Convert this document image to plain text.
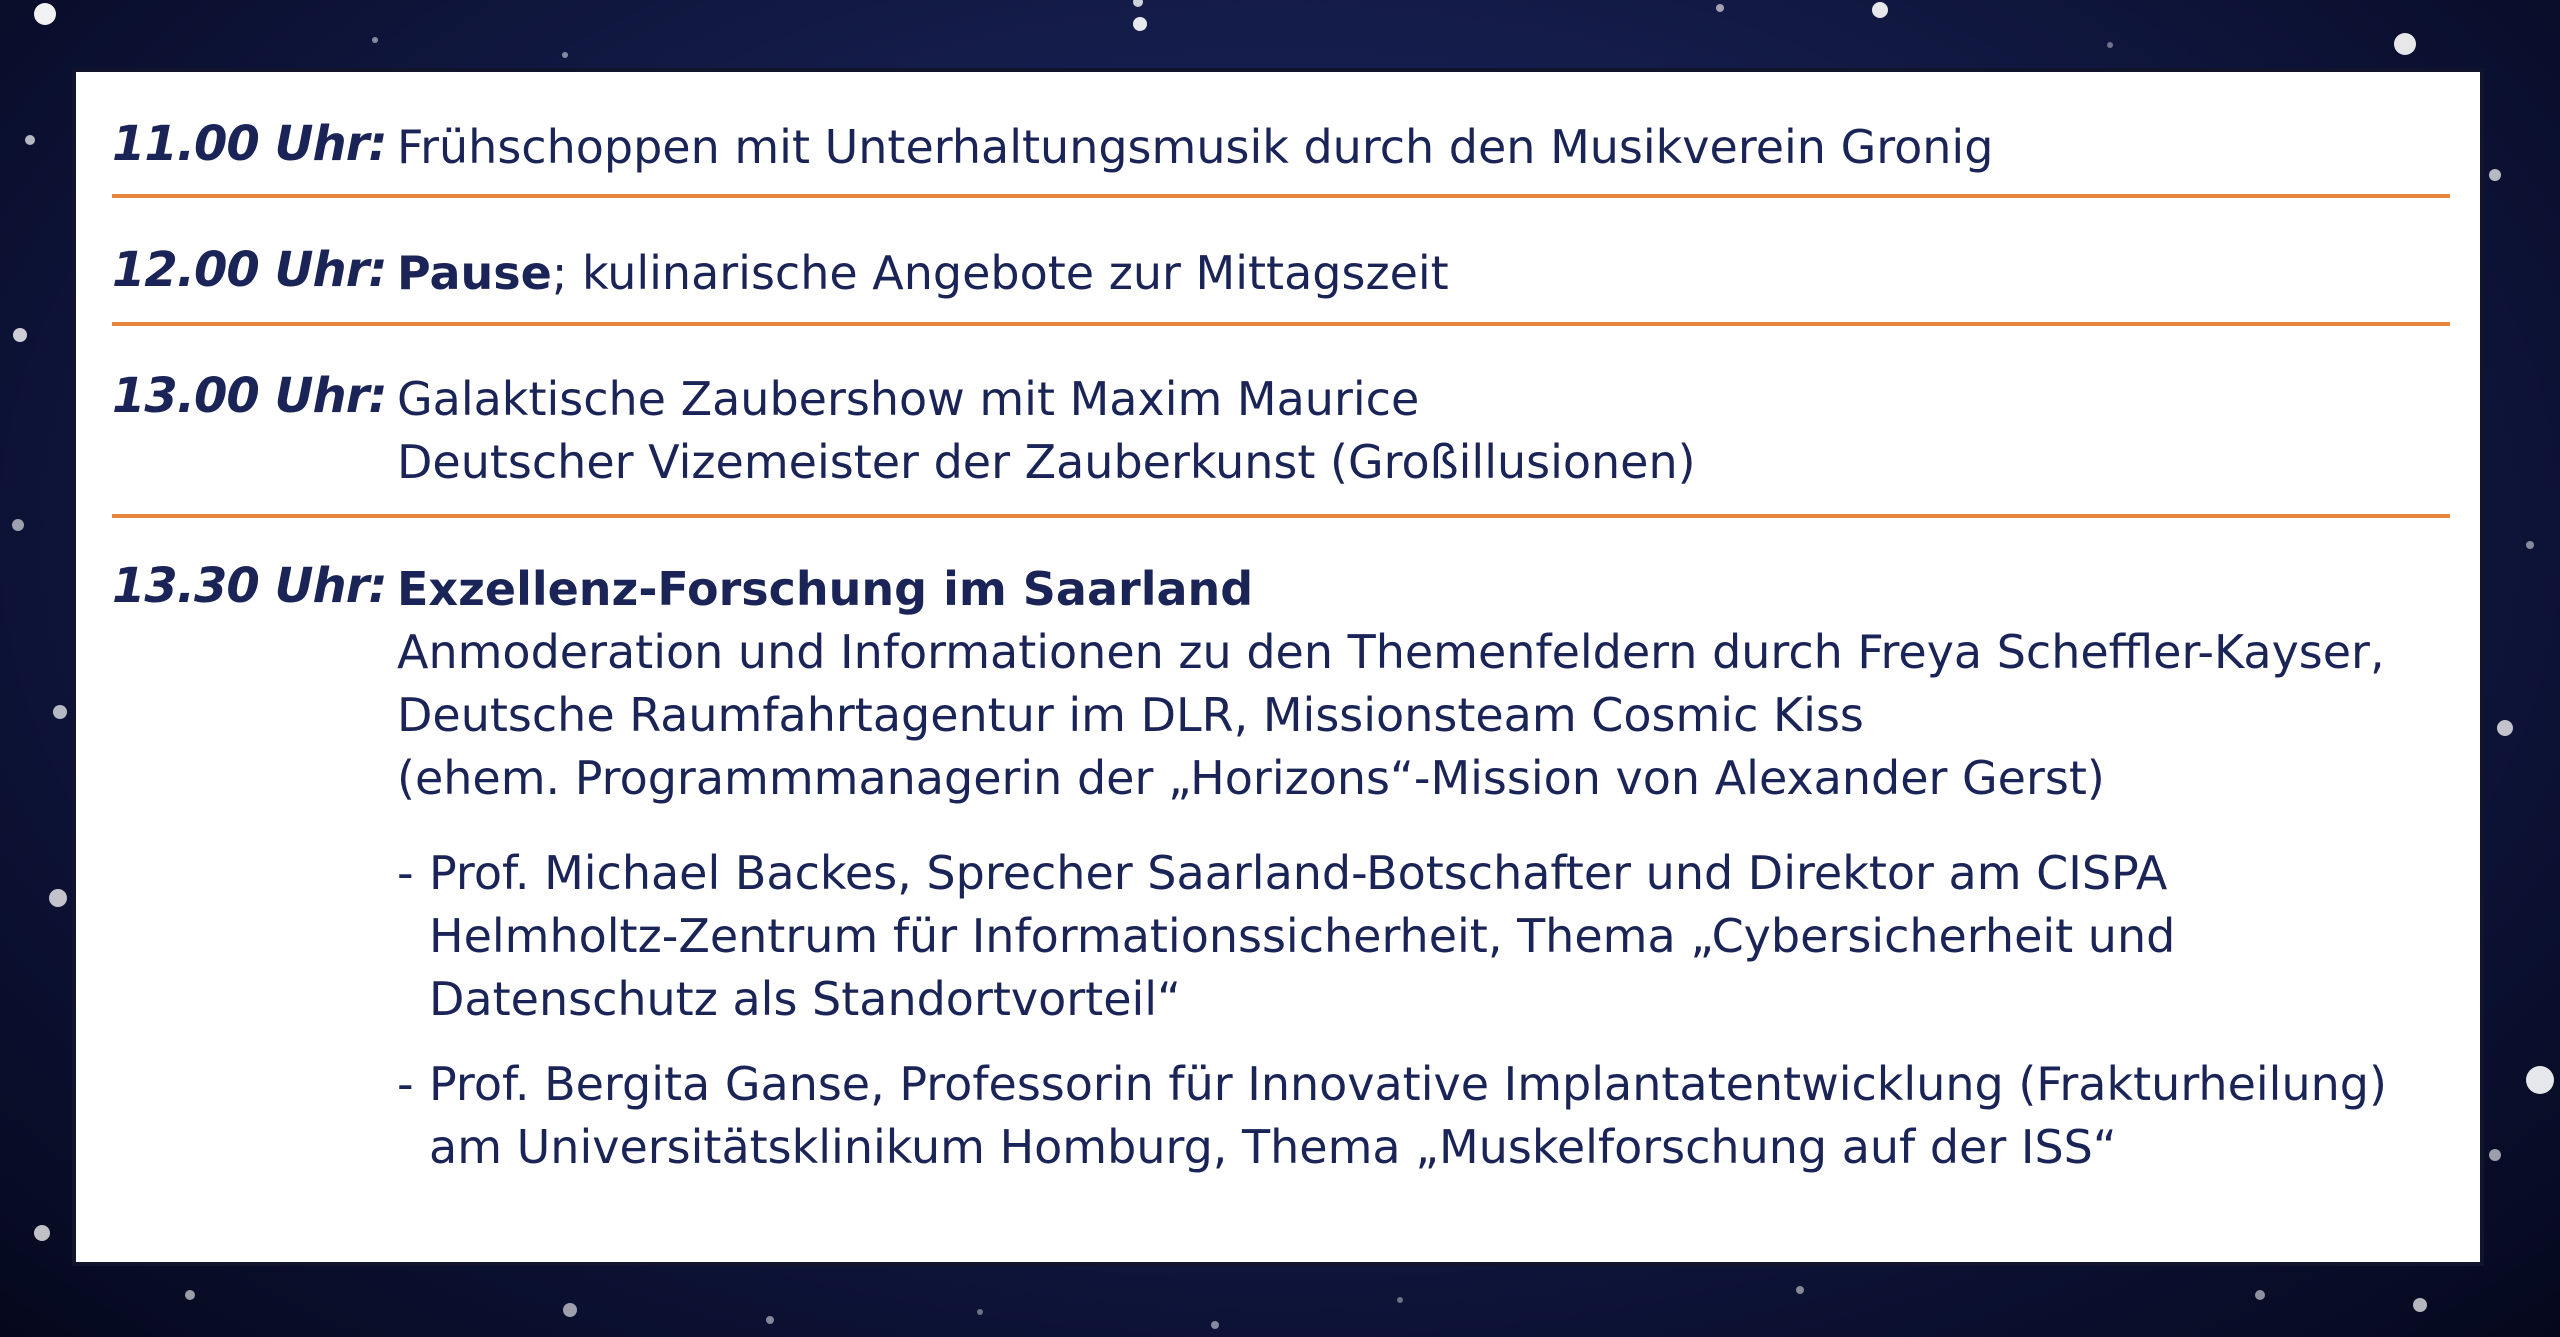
11.00 Uhr: Frühschoppen mit Unterhaltungsmusik durch den Musikverein Gronig
12.00 Uhr: Pause; kulinarische Angebote zur Mittagszeit
13.00 Uhr: Galaktische Zaubershow mit Maxim Maurice
Deutscher Vizemeister der Zauberkunst (Großillusionen)
13.30 Uhr: Exzellenz-Forschung im Saarland
Anmoderation und Informationen zu den Themenfeldern durch Freya Scheffler-Kayser,
Deutsche Raumfahrtagentur im DLR, Missionsteam Cosmic Kiss
(ehem. Programmmanagerin der „Horizons“-Mission von Alexander Gerst)
- Prof. Michael Backes, Sprecher Saarland-Botschafter und Direktor am CISPA
Helmholtz-Zentrum für Informationssicherheit, Thema „Cybersicherheit und
Datenschutz als Standortvorteil“
- Prof. Bergita Ganse, Professorin für Innovative Implantatentwicklung (Frakturheilung)
am Universitätsklinikum Homburg, Thema „Muskelforschung auf der ISS“
